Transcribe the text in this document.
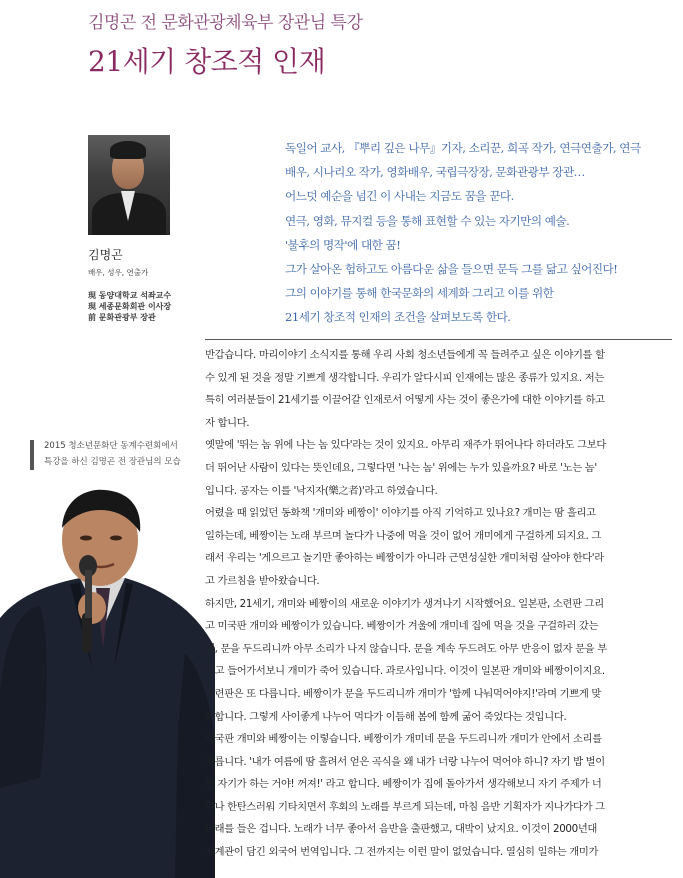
김명곤 전 문화관광체육부 장관님 특강
21세기 창조적 인재
김명곤
배우, 성우, 연출가
現 동양대학교 석좌교수
現 세종문화회관 이사장
前 문화관광부 장관
독일어 교사, 『뿌리 깊은 나무』기자, 소리꾼, 희곡 작가, 연극연출가, 연극
배우, 시나리오 작가, 영화배우, 국립극장장, 문화관광부 장관…
어느덧 예순을 넘긴 이 사내는 지금도 꿈을 꾼다.
연극, 영화, 뮤지컬 등을 통해 표현할 수 있는 자기만의 예술.
'불후의 명작'에 대한 꿈!
그가 살아온 험하고도 아름다운 삶을 들으면 문득 그를 닮고 싶어진다!
그의 이야기를 통해 한국문화의 세계화 그리고 이를 위한
21세기 창조적 인재의 조건을 살펴보도록 한다.
2015 청소년문화단 동계수련회에서
특강을 하신 김명곤 전 장관님의 모습
반갑습니다. 마리이야기 소식지를 통해 우리 사회 청소년들에게 꼭 들려주고 싶은 이야기를 할
수 있게 된 것을 정말 기쁘게 생각합니다. 우리가 알다시피 인재에는 많은 종류가 있지요. 저는
특히 여러분들이 21세기를 이끌어갈 인재로서 어떻게 사는 것이 좋은가에 대한 이야기를 하고
자 합니다.
옛말에 '뛰는 놈 위에 나는 놈 있다'라는 것이 있지요. 아무리 재주가 뛰어나다 하더라도 그보다
더 뛰어난 사람이 있다는 뜻인데요, 그렇다면 '나는 놈' 위에는 누가 있을까요? 바로 '노는 놈'
입니다. 공자는 이를 '낙지자(樂之者)'라고 하였습니다.
어렸을 때 읽었던 동화책 '개미와 베짱이' 이야기를 아직 기억하고 있나요? 개미는 땀 흘리고
일하는데, 베짱이는 노래 부르며 놀다가 나중에 먹을 것이 없어 개미에게 구걸하게 되지요. 그
래서 우리는 '게으르고 놀기만 좋아하는 베짱이가 아니라 근면성실한 개미처럼 살아야 한다'라
고 가르침을 받아왔습니다.
하지만, 21세기, 개미와 베짱이의 새로운 이야기가 생겨나기 시작했어요. 일본판, 소련판 그리
고 미국판 개미와 베짱이가 있습니다. 베짱이가 겨울에 개미네 집에 먹을 것을 구걸하러 갔는
데, 문을 두드리니까 아무 소리가 나지 않습니다. 문을 계속 두드려도 아무 반응이 없자 문을 부
수고 들어가서보니 개미가 죽어 있습니다. 과로사입니다. 이것이 일본판 개미와 베짱이이지요.
소련판은 또 다릅니다. 베짱이가 문을 두드리니까 개미가 '함께 나눠먹어야지!'라며 기쁘게 맞
이합니다. 그렇게 사이좋게 나누어 먹다가 이듬해 봄에 함께 굶어 죽었다는 것입니다.
미국판 개미와 베짱이는 이렇습니다. 베짱이가 개미네 문을 두드리니까 개미가 안에서 소리를
지릅니다. '내가 여름에 땀 흘려서 얻은 곡식을 왜 내가 너랑 나누어 먹어야 하니? 자기 밥 벌이
는 자기가 하는 거야! 꺼져!' 라고 합니다. 베짱이가 집에 돌아가서 생각해보니 자기 주제가 너
무나 한탄스러워 기타치면서 후회의 노래를 부르게 되는데, 마침 음반 기획자가 지나가다가 그
노래를 들은 겁니다. 노래가 너무 좋아서 음반을 출판했고, 대박이 났지요. 이것이 2000년대
세계관이 담긴 외국어 번역입니다. 그 전까지는 이런 말이 없었습니다. 열심히 일하는 개미가
